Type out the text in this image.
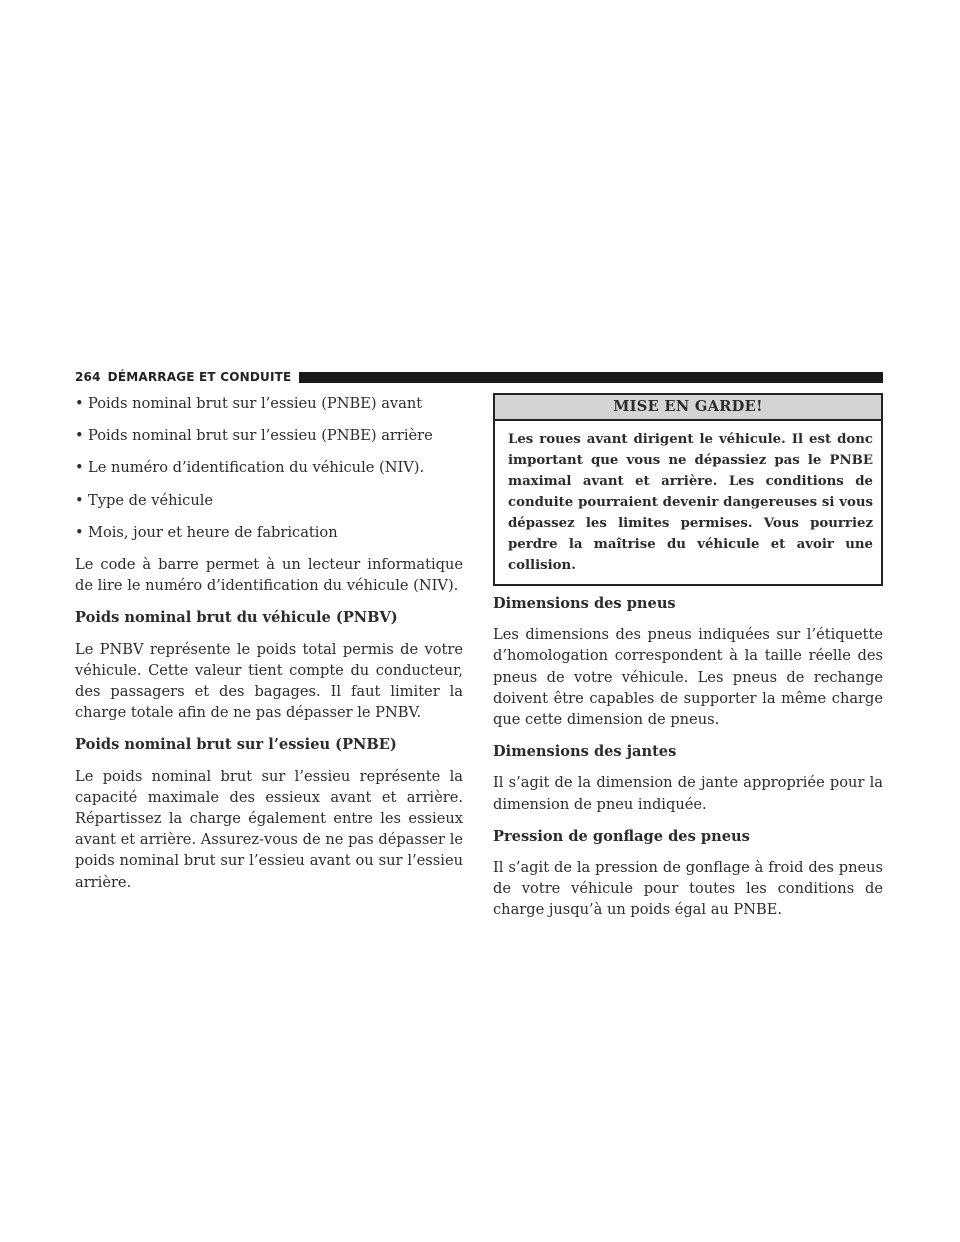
264 DÉMARRAGE ET CONDUITE
• Poids nominal brut sur l’essieu (PNBE) avant
• Poids nominal brut sur l’essieu (PNBE) arrière
• Le numéro d’identification du véhicule (NIV).
• Type de véhicule
• Mois, jour et heure de fabrication

Le code à barre permet à un lecteur informatique de lire le numéro d’identification du véhicule (NIV).

Poids nominal brut du véhicule (PNBV)

Le PNBV représente le poids total permis de votre véhicule. Cette valeur tient compte du conducteur, des passagers et des bagages. Il faut limiter la charge totale afin de ne pas dépasser le PNBV.

Poids nominal brut sur l’essieu (PNBE)

Le poids nominal brut sur l’essieu représente la capacité maximale des essieux avant et arrière. Répartissez la charge également entre les essieux avant et arrière. Assurez-vous de ne pas dépasser le poids nominal brut sur l’essieu avant ou sur l’essieu arrière.

MISE EN GARDE!
Les roues avant dirigent le véhicule. Il est donc important que vous ne dépassiez pas le PNBE maximal avant et arrière. Les conditions de conduite pourraient devenir dangereuses si vous dépassez les limites permises. Vous pourriez perdre la maîtrise du véhicule et avoir une collision.
Dimensions des pneus

Les dimensions des pneus indiquées sur l’étiquette d’homologation correspondent à la taille réelle des pneus de votre véhicule. Les pneus de rechange doivent être capables de supporter la même charge que cette dimension de pneus.

Dimensions des jantes

Il s’agit de la dimension de jante appropriée pour la dimension de pneu indiquée.

Pression de gonflage des pneus

Il s’agit de la pression de gonflage à froid des pneus de votre véhicule pour toutes les conditions de charge jusqu’à un poids égal au PNBE.
